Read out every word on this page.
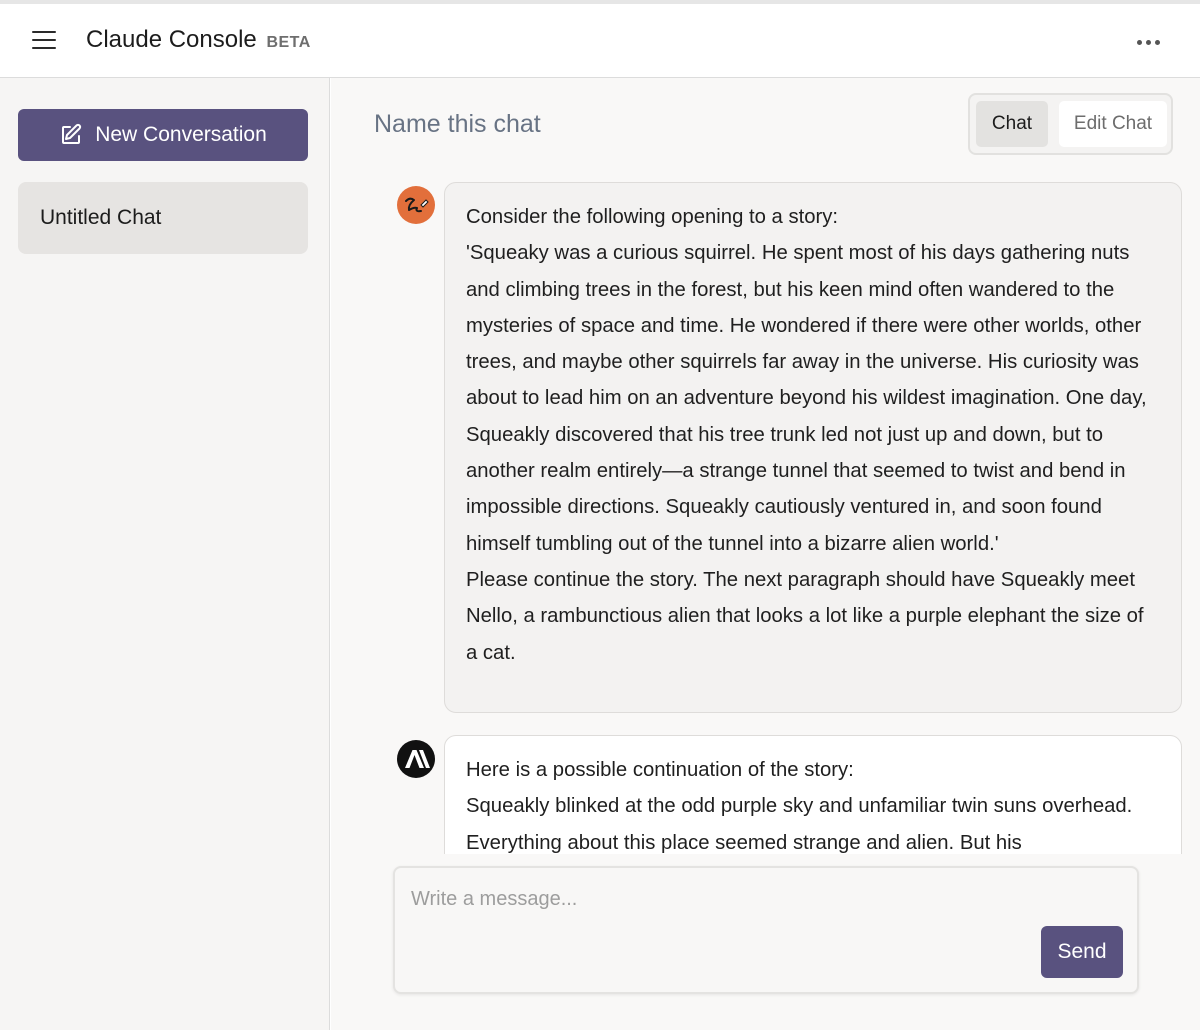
Claude Console BETA
New Conversation
Untitled Chat
Name this chat	Chat	Edit Chat

Consider the following opening to a story:

'Squeaky was a curious squirrel. He spent most of his days gathering nuts and climbing trees in the forest, but his keen mind often wandered to the mysteries of space and time. He wondered if there were other worlds, other trees, and maybe other squirrels far away in the universe. His curiosity was about to lead him on an adventure beyond his wildest imagination. One day, Squeakly discovered that his tree trunk led not just up and down, but to another realm entirely—a strange tunnel that seemed to twist and bend in impossible directions. Squeakly cautiously ventured in, and soon found himself tumbling out of the tunnel into a bizarre alien world.'

Please continue the story. The next paragraph should have Squeakly meet Nello, a rambunctious alien that looks a lot like a purple elephant the size of a cat.

Here is a possible continuation of the story:

Squeakly blinked at the odd purple sky and unfamiliar twin suns overhead. Everything about this place seemed strange and alien. But his

Write a message...
Send
